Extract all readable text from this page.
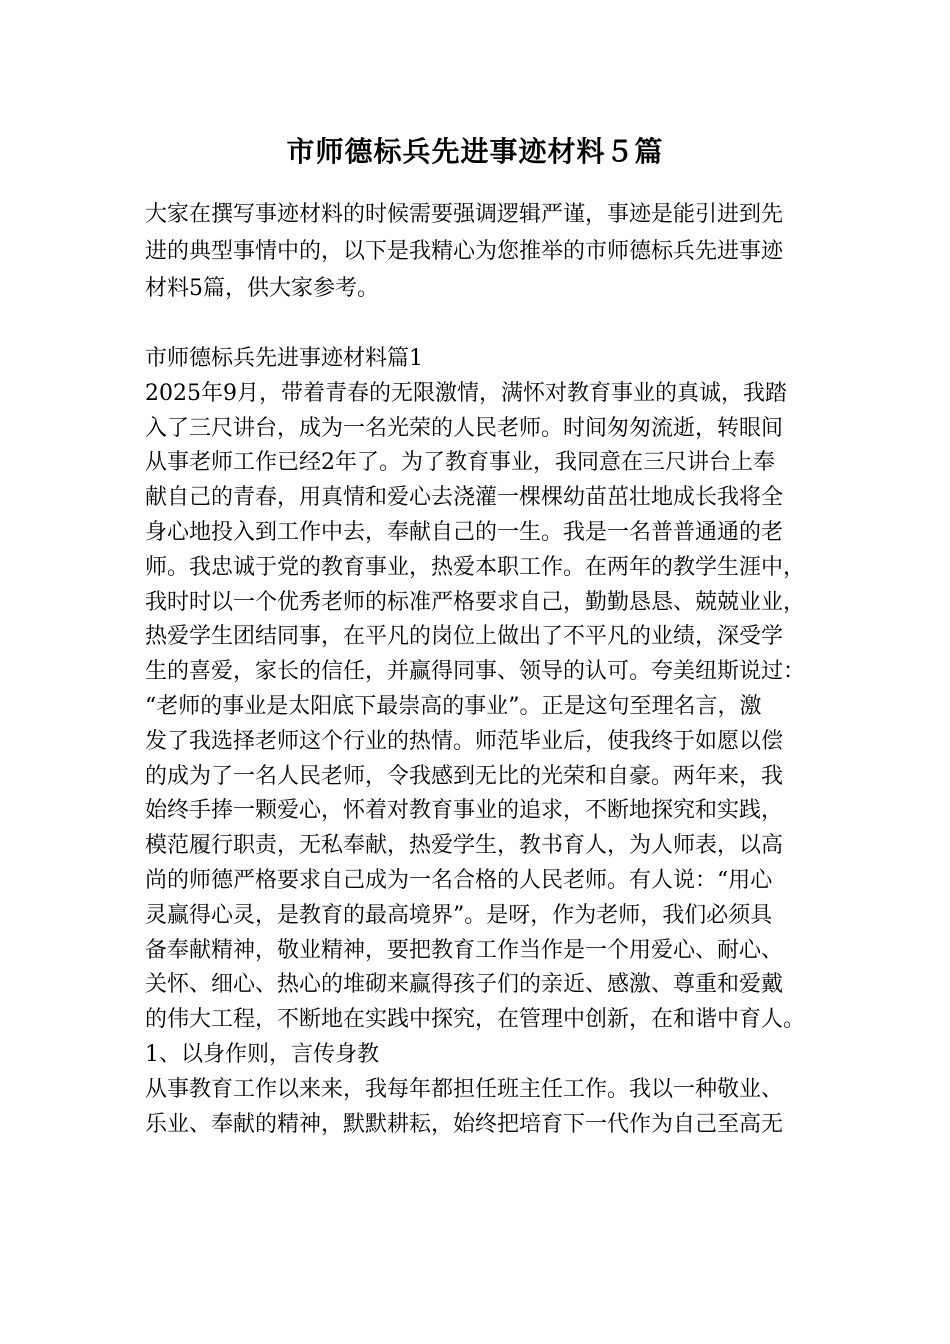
市师德标兵先进事迹材料５篇
大家在撰写事迹材料的时候需要强调逻辑严谨，事迹是能引进到先
进的典型事情中的，以下是我精心为您推举的市师德标兵先进事迹
材料5篇，供大家参考。
市师德标兵先进事迹材料篇1
2025年9月，带着青春的无限激情，满怀对教育事业的真诚，我踏
入了三尺讲台，成为一名光荣的人民老师。时间匆匆流逝，转眼间
从事老师工作已经2年了。为了教育事业，我同意在三尺讲台上奉
献自己的青春，用真情和爱心去浇灌一棵棵幼苗茁壮地成长我将全
身心地投入到工作中去，奉献自己的一生。我是一名普普通通的老
师。我忠诚于党的教育事业，热爱本职工作。在两年的教学生涯中，
我时时以一个优秀老师的标准严格要求自己，勤勤恳恳、兢兢业业，
热爱学生团结同事，在平凡的岗位上做出了不平凡的业绩，深受学
生的喜爱，家长的信任，并赢得同事、领导的认可。夸美纽斯说过：
“老师的事业是太阳底下最崇高的事业”。正是这句至理名言，激
发了我选择老师这个行业的热情。师范毕业后，使我终于如愿以偿
的成为了一名人民老师，令我感到无比的光荣和自豪。两年来，我
始终手捧一颗爱心，怀着对教育事业的追求，不断地探究和实践，
模范履行职责，无私奉献，热爱学生，教书育人，为人师表，以高
尚的师德严格要求自己成为一名合格的人民老师。有人说：“用心
灵赢得心灵，是教育的最高境界”。是呀，作为老师，我们必须具
备奉献精神，敬业精神，要把教育工作当作是一个用爱心、耐心、
关怀、细心、热心的堆砌来赢得孩子们的亲近、感激、尊重和爱戴
的伟大工程，不断地在实践中探究，在管理中创新，在和谐中育人。
1、以身作则，言传身教
从事教育工作以来来，我每年都担任班主任工作。我以一种敬业、
乐业、奉献的精神，默默耕耘，始终把培育下一代作为自己至高无
